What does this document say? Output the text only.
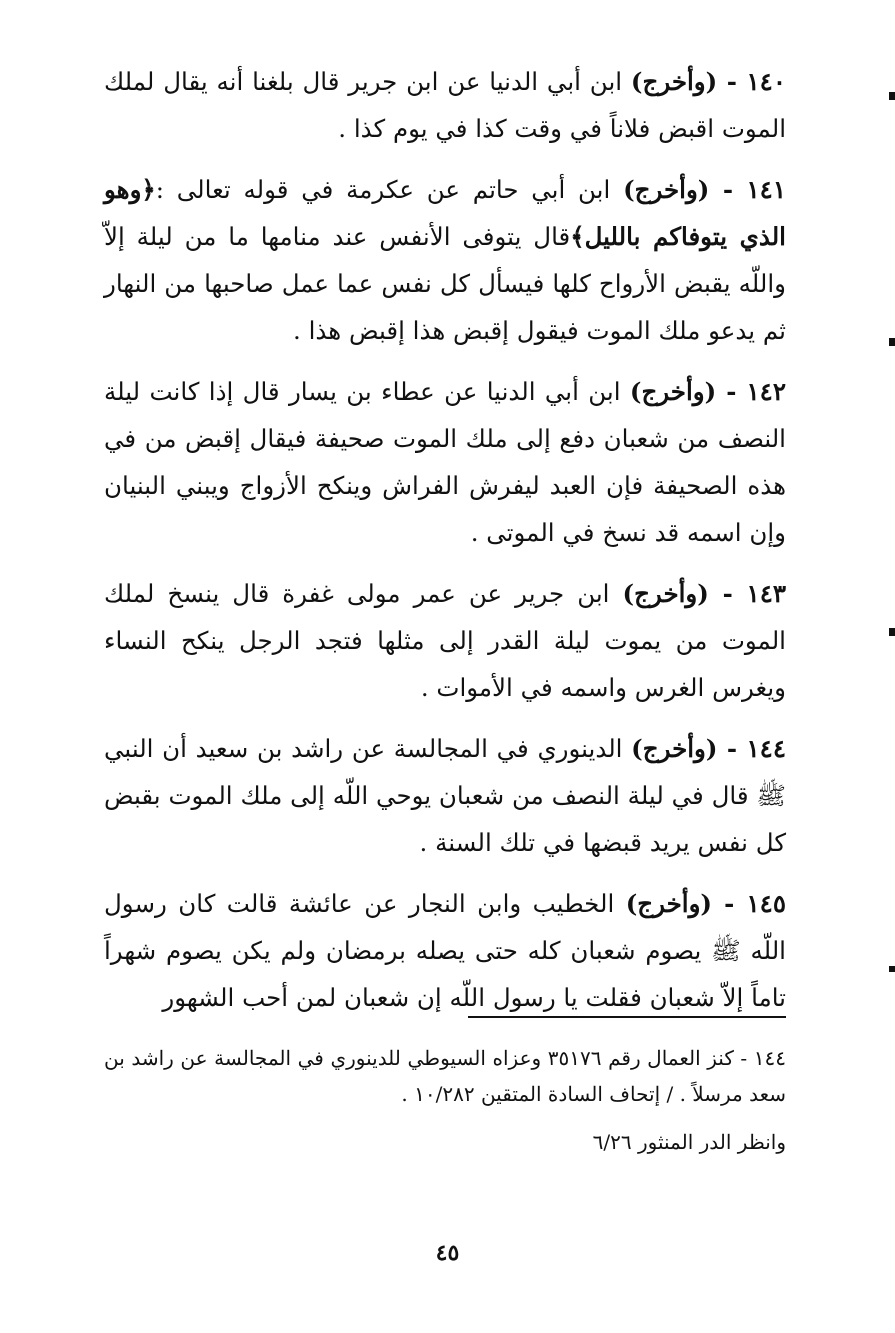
١٤٠ - (وأخرج) ابن أبي الدنيا عن ابن جرير قال بلغنا أنه يقال لملك الموت اقبض فلاناً في وقت كذا في يوم كذا .

١٤١ - (وأخرج) ابن أبي حاتم عن عكرمة في قوله تعالى :﴿وهو الذي يتوفاكم بالليل﴾قال يتوفى الأنفس عند منامها ما من ليلة إلاّ واللّه يقبض الأرواح كلها فيسأل كل نفس عما عمل صاحبها من النهار ثم يدعو ملك الموت فيقول إقبض هذا إقبض هذا .

١٤٢ - (وأخرج) ابن أبي الدنيا عن عطاء بن يسار قال إذا كانت ليلة النصف من شعبان دفع إلى ملك الموت صحيفة فيقال إقبض من في هذه الصحيفة فإن العبد ليفرش الفراش وينكح الأزواج ويبني البنيان وإن اسمه قد نسخ في الموتى .

١٤٣ - (وأخرج) ابن جرير عن عمر مولى غفرة قال ينسخ لملك الموت من يموت ليلة القدر إلى مثلها فتجد الرجل ينكح النساء ويغرس الغرس واسمه في الأموات .

١٤٤ - (وأخرج) الدينوري في المجالسة عن راشد بن سعيد أن النبي ﷺ قال في ليلة النصف من شعبان يوحي اللّه إلى ملك الموت بقبض كل نفس يريد قبضها في تلك السنة .

١٤٥ - (وأخرج) الخطيب وابن النجار عن عائشة قالت كان رسول اللّه ﷺ يصوم شعبان كله حتى يصله برمضان ولم يكن يصوم شهراً تاماً إلاّ شعبان فقلت يا رسول اللّه إن شعبان لمن أحب الشهور

١٤٤ - كنز العمال رقم ٣٥١٧٦ وعزاه السيوطي للدينوري في المجالسة عن راشد بن سعد مرسلاً . / إتحاف السادة المتقين ١٠/٢٨٢ .

وانظر الدر المنثور ٦/٢٦

٤٥
